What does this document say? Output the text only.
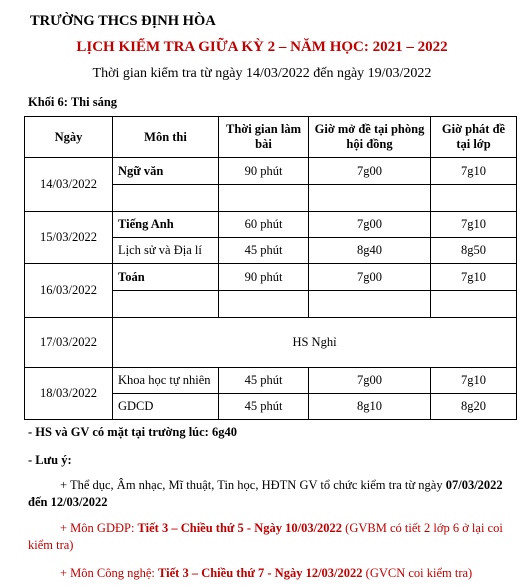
TRƯỜNG THCS ĐỊNH HÒA
LỊCH KIỂM TRA GIỮA KỲ 2 – NĂM HỌC: 2021 – 2022
Thời gian kiểm tra từ ngày 14/03/2022 đến ngày 19/03/2022
Khối 6: Thi sáng
Ngày	Môn thi	Thời gian làm bài	Giờ mở đề tại phòng hội đồng	Giờ phát đề tại lớp
14/03/2022	Ngữ văn	90 phút	7g00	7g10

15/03/2022	Tiếng Anh	60 phút	7g00	7g10
	Lịch sử và Địa lí	45 phút	8g40	8g50
16/03/2022	Toán	90 phút	7g00	7g10

17/03/2022	HS Nghỉ			
18/03/2022	Khoa học tự nhiên	45 phút	7g00	7g10
	GDCD	45 phút	8g10	8g20
- HS và GV có mặt tại trường lúc: 6g40
- Lưu ý:
+ Thể dục, Âm nhạc, Mĩ thuật, Tin học, HĐTN GV tổ chức kiểm tra từ ngày 07/03/2022 đến 12/03/2022
+ Môn GDĐP: Tiết 3 – Chiều thứ 5 - Ngày 10/03/2022 (GVBM có tiết 2 lớp 6 ở lại coi kiểm tra)
+ Môn Công nghệ: Tiết 3 – Chiều thứ 7 - Ngày 12/03/2022 (GVCN coi kiểm tra)
